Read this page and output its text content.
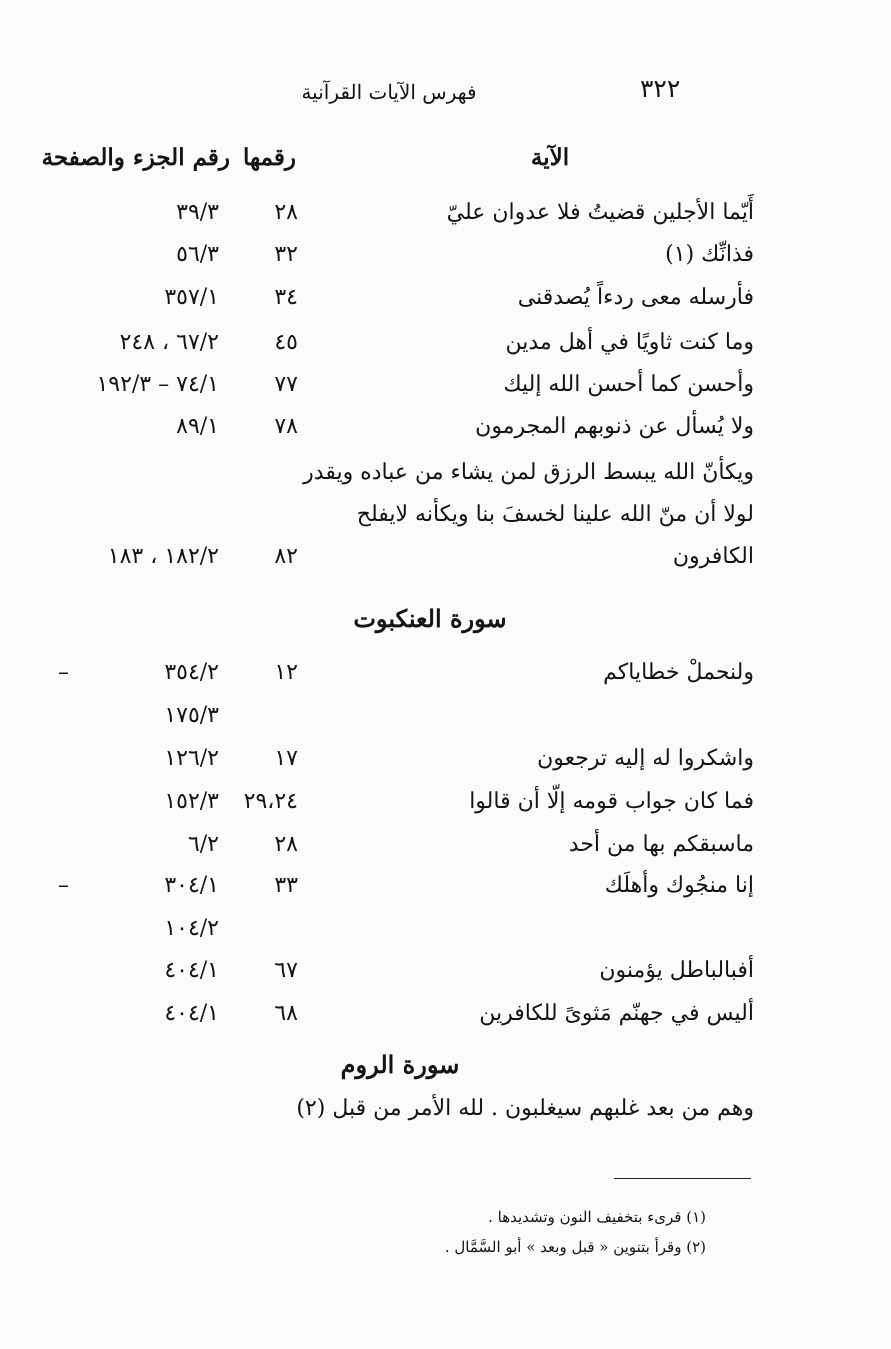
٣٢٢
فهرس الآيات القرآنية
الآية
رقمها
رقم الجزء والصفحة
أَيّما الأجلين قضيتُ فلا عدوان عليّ
٢٨
٣٩/٣
فذانِّك (١)
٣٢
٥٦/٣
فأرسله معى ردءاً يُصدقنى
٣٤
٣٥٧/١
وما كنت ثاويًا في أهل مدين
٤٥
٦٧/٢ ، ٢٤٨
وأحسن كما أحسن الله إليك
٧٧
٧٤/١ – ١٩٢/٣
ولا يُسأل عن ذنوبهم المجرمون
٧٨
٨٩/١
ويكأنّ الله يبسط الرزق لمن يشاء من عباده ويقدر
لولا أن منّ الله علينا لخسفَ بنا ويكأنه لايفلح
الكافرون
٨٢
١٨٢/٢ ، ١٨٣
سورة العنكبوت
ولنحملْ خطاياكم
١٢
٣٥٤/٢
–
١٧٥/٣
واشكروا له إليه ترجعون
١٧
١٢٦/٢
فما كان جواب قومه إلّا أن قالوا
٢٩،٢٤
١٥٢/٣
ماسبقكم بها من أحد
٢٨
٦/٢
إنا منجُوك وأهلَك
٣٣
٣٠٤/١
–
١٠٤/٢
أفبالباطل يؤمنون
٦٧
٤٠٤/١
أليس في جهنّم مَثوىً للكافرين
٦٨
٤٠٤/١
سورة الروم
وهم من بعد غلبهم سيغلبون . لله الأمر من قبل (٢)
(١) قرىء بتخفيف النون وتشديدها .
(٢) وقرأ بتنوين « قبل وبعد » أبو السَّمَّال .
